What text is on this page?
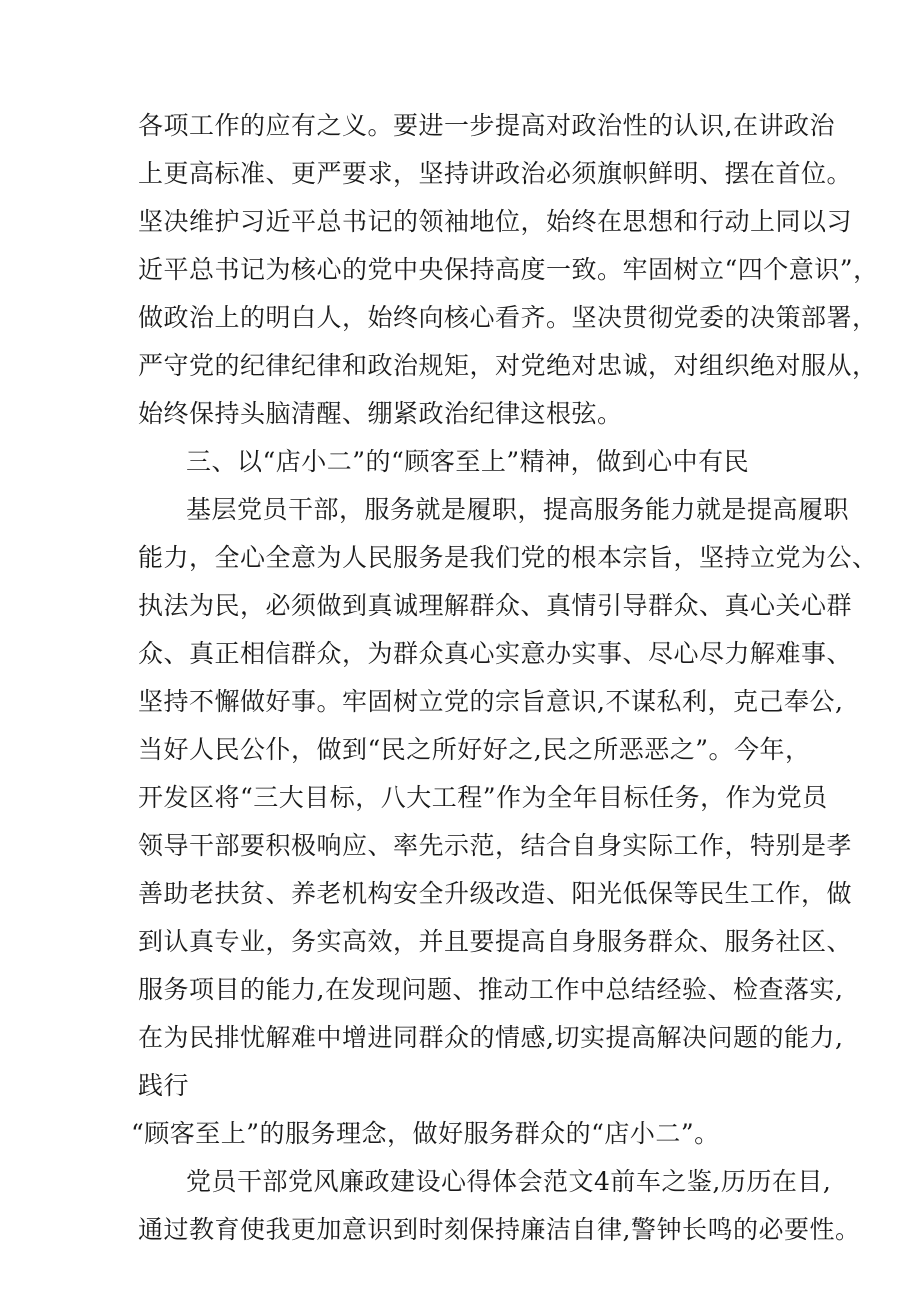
各项工作的应有之义。要进一步提高对政治性的认识,在讲政治
上更高标准、更严要求，坚持讲政治必须旗帜鲜明、摆在首位。
坚决维护习近平总书记的领袖地位，始终在思想和行动上同以习
近平总书记为核心的党中央保持高度一致。牢固树立“四个意识”，
做政治上的明白人，始终向核心看齐。坚决贯彻党委的决策部署，
严守党的纪律纪律和政治规矩，对党绝对忠诚，对组织绝对服从，
始终保持头脑清醒、绷紧政治纪律这根弦。
三、以“店小二”的“顾客至上”精神，做到心中有民
基层党员干部，服务就是履职，提高服务能力就是提高履职
能力，全心全意为人民服务是我们党的根本宗旨，坚持立党为公、
执法为民，必须做到真诚理解群众、真情引导群众、真心关心群
众、真正相信群众，为群众真心实意办实事、尽心尽力解难事、
坚持不懈做好事。牢固树立党的宗旨意识,不谋私利，克己奉公,
当好人民公仆，做到“民之所好好之,民之所恶恶之”。今年，
开发区将“三大目标，八大工程”作为全年目标任务，作为党员
领导干部要积极响应、率先示范，结合自身实际工作，特别是孝
善助老扶贫、养老机构安全升级改造、阳光低保等民生工作，做
到认真专业，务实高效，并且要提高自身服务群众、服务社区、
服务项目的能力,在发现问题、推动工作中总结经验、检查落实,
在为民排忧解难中增进同群众的情感,切实提高解决问题的能力,
践行
“顾客至上”的服务理念，做好服务群众的“店小二”。
党员干部党风廉政建设心得体会范文4前车之鉴,历历在目,
通过教育使我更加意识到时刻保持廉洁自律,警钟长鸣的必要性。
